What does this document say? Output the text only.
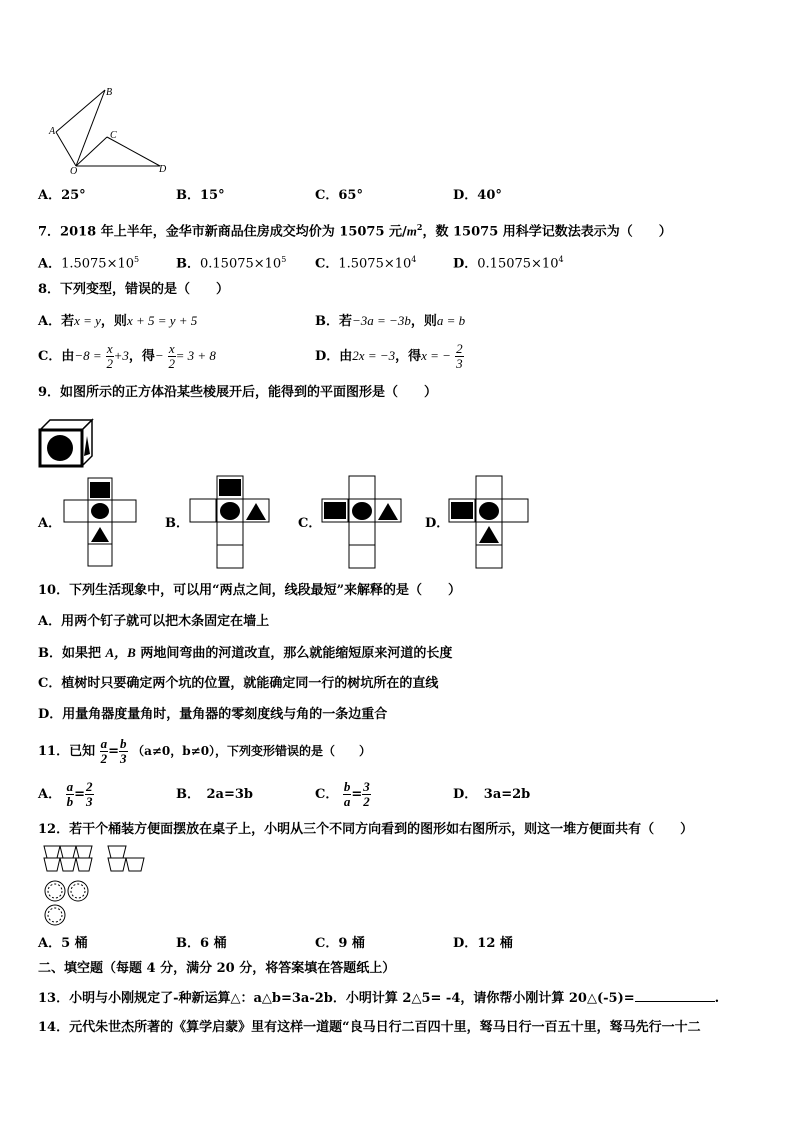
B
A	C
O	D
A．25°	B．15°	C．65°	D．40°
7．2018 年上半年，金华市新商品住房成交均价为 15075 元$/m^2$，数 15075 用科学记数法表示为（　　）
A．$1.5075\times 10^5$	B．$0.15075\times 10^5$ C．$1.5075\times 10^4$	D．$0.15075\times 10^4$
8．下列变型，错误的是（　　）
A．若x = y，则x + 5 = y + 5	B．若−3a = −3b，则a = b
C．由$-8 = \frac{x}{2} +3$，得− $\frac{x}{2} = 3 + 8$	D．由2x = −3，得x = − $\frac{2}{3}$
9．如图所示的正方体沿某些棱展开后，能得到的平面图形是（　　）
A．	B．	C．	D．
10．下列生活现象中，可以用“两点之间，线段最短”来解释的是（　　）
A．用两个钉子就可以把木条固定在墙上
B．如果把 A，B 两地间弯曲的河道改直，那么就能缩短原来河道的长度
C．植树时只要确定两个坑的位置，就能确定同一行的树坑所在的直线
D．用量角器度量角时，量角器的零刻度线与角的一条边重合
11．已知 $\frac{a}{2} = \frac{b}{3} (a\ne 0$，b≠0），下列变形错误的是（　　）
A． $\frac{a}{b} = \frac{2}{3}$	B．　2a=3b	C． $\frac{b}{a} = \frac{3}{2}$	D．　3a=2b
12．若干个桶装方便面摆放在桌子上，小明从三个不同方向看到的图形如右图所示，则这一堆方便面共有（　　）
A．5 桶	B．6 桶	C．9 桶	D．12 桶
二、填空题（每题 4 分，满分 20 分，将答案填在答题纸上）
13．小明与小刚规定了-种新运算△：a△b=3a-2b．小明计算 2△5= -4，请你帮小刚计算 20△(-5)=	.
14．元代朱世杰所著的《算学启蒙》里有这样一道题“良马日行二百四十里，驽马日行一百五十里，驽马先行一十二
